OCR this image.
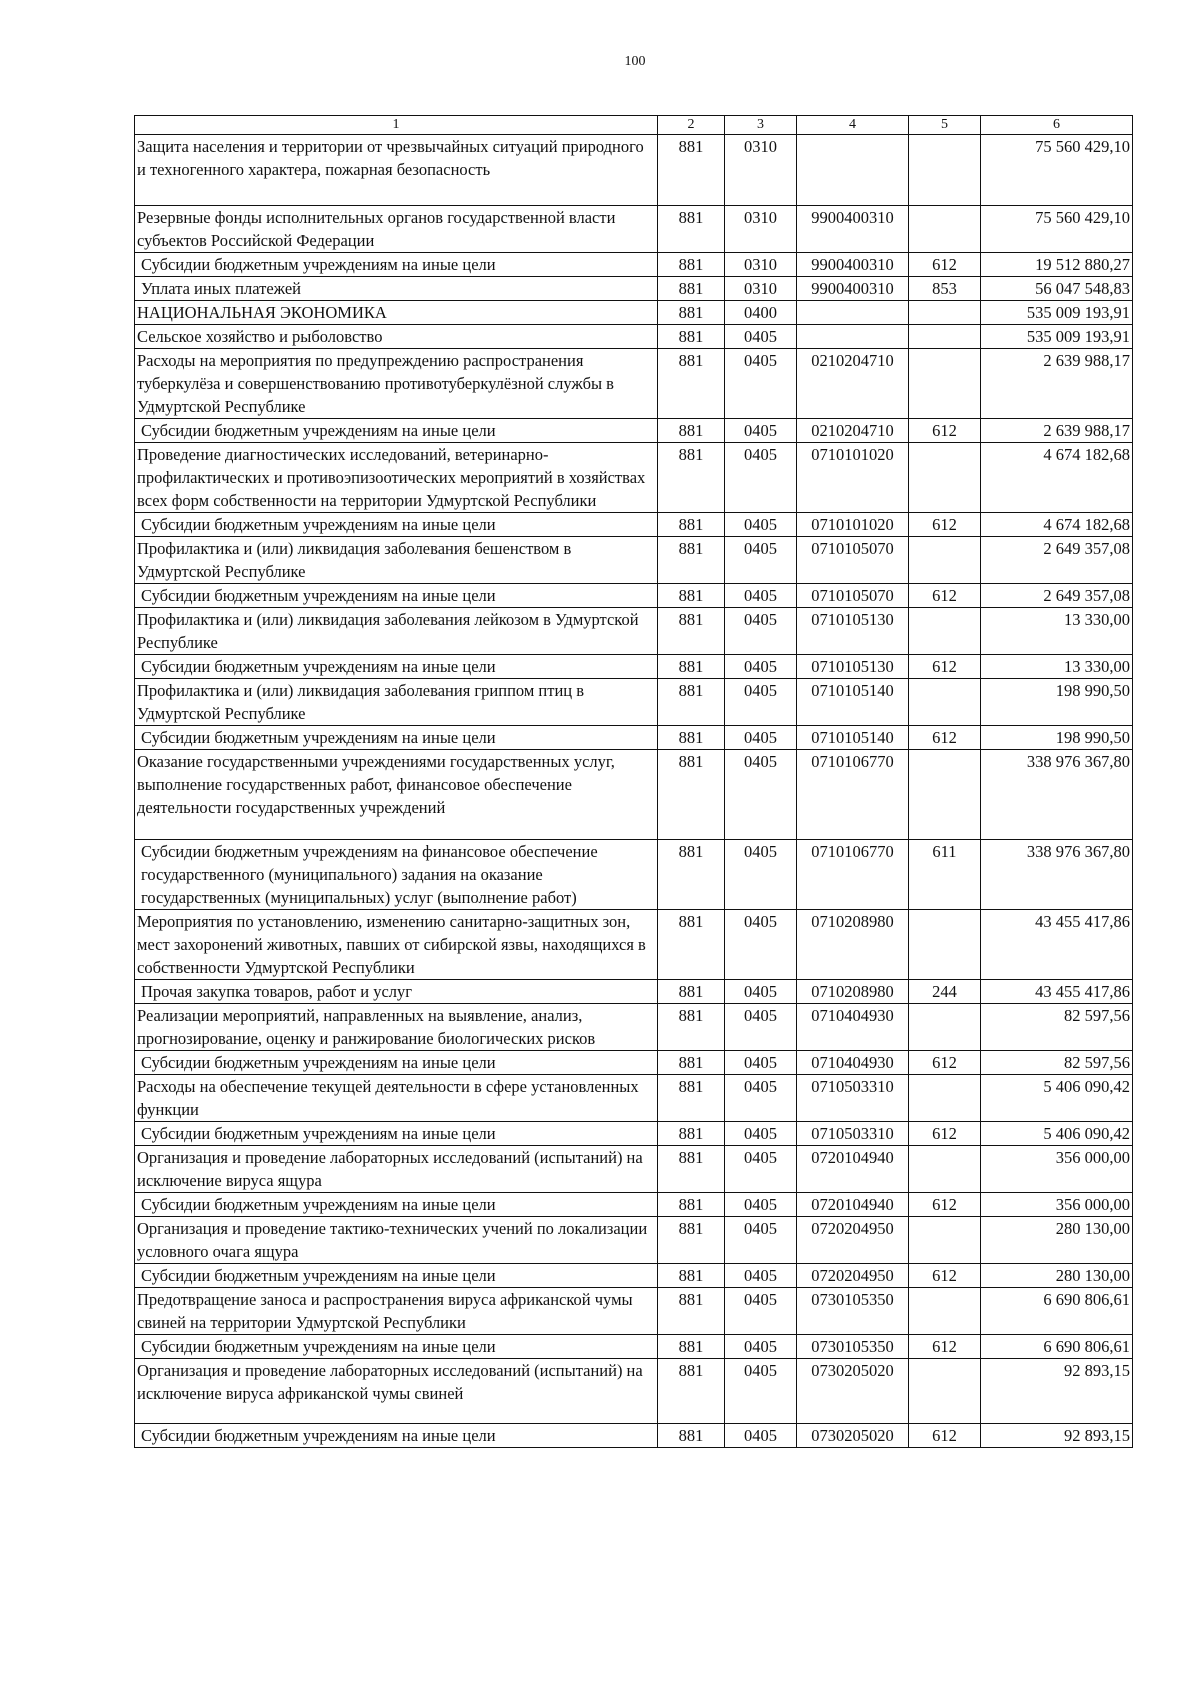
100
1	2	3	4	5	6
Защита населения и территории от чрезвычайных ситуаций природного и техногенного характера, пожарная безопасность	881	0310			75 560 429,10
Резервные фонды исполнительных органов государственной власти субъектов Российской Федерации	881	0310	9900400310		75 560 429,10
Субсидии бюджетным учреждениям на иные цели	881	0310	9900400310	612	19 512 880,27
Уплата иных платежей	881	0310	9900400310	853	56 047 548,83
НАЦИОНАЛЬНАЯ ЭКОНОМИКА	881	0400			535 009 193,91
Сельское хозяйство и рыболовство	881	0405			535 009 193,91
Расходы на мероприятия по предупреждению распространения туберкулёза и совершенствованию противотуберкулёзной службы в Удмуртской Республике	881	0405	0210204710		2 639 988,17
Субсидии бюджетным учреждениям на иные цели	881	0405	0210204710	612	2 639 988,17
Проведение диагностических исследований, ветеринарно-профилактических и противоэпизоотических мероприятий в хозяйствах всех форм собственности на территории Удмуртской Республики	881	0405	0710101020		4 674 182,68
Субсидии бюджетным учреждениям на иные цели	881	0405	0710101020	612	4 674 182,68
Профилактика и (или) ликвидация заболевания бешенством в Удмуртской Республике	881	0405	0710105070		2 649 357,08
Субсидии бюджетным учреждениям на иные цели	881	0405	0710105070	612	2 649 357,08
Профилактика и (или) ликвидация заболевания лейкозом в Удмуртской Республике	881	0405	0710105130		13 330,00
Субсидии бюджетным учреждениям на иные цели	881	0405	0710105130	612	13 330,00
Профилактика и (или) ликвидация заболевания гриппом птиц в Удмуртской Республике	881	0405	0710105140		198 990,50
Субсидии бюджетным учреждениям на иные цели	881	0405	0710105140	612	198 990,50
Оказание государственными учреждениями государственных услуг, выполнение государственных работ, финансовое обеспечение деятельности государственных учреждений	881	0405	0710106770		338 976 367,80
Субсидии бюджетным учреждениям на финансовое обеспечение государственного (муниципального) задания на оказание государственных (муниципальных) услуг (выполнение работ)	881	0405	0710106770	611	338 976 367,80
Мероприятия по установлению, изменению санитарно-защитных зон, мест захоронений животных, павших от сибирской язвы, находящихся в собственности Удмуртской Республики	881	0405	0710208980		43 455 417,86
Прочая закупка товаров, работ и услуг	881	0405	0710208980	244	43 455 417,86
Реализации мероприятий, направленных на выявление, анализ, прогнозирование, оценку и ранжирование биологических рисков	881	0405	0710404930		82 597,56
Субсидии бюджетным учреждениям на иные цели	881	0405	0710404930	612	82 597,56
Расходы на обеспечение текущей деятельности в сфере установленных функции	881	0405	0710503310		5 406 090,42
Субсидии бюджетным учреждениям на иные цели	881	0405	0710503310	612	5 406 090,42
Организация и проведение лабораторных исследований (испытаний) на исключение вируса ящура	881	0405	0720104940		356 000,00
Субсидии бюджетным учреждениям на иные цели	881	0405	0720104940	612	356 000,00
Организация и проведение тактико-технических учений по локализации условного очага ящура	881	0405	0720204950		280 130,00
Субсидии бюджетным учреждениям на иные цели	881	0405	0720204950	612	280 130,00
Предотвращение заноса и распространения вируса африканской чумы свиней на территории Удмуртской Республики	881	0405	0730105350		6 690 806,61
Субсидии бюджетным учреждениям на иные цели	881	0405	0730105350	612	6 690 806,61
Организация и проведение лабораторных исследований (испытаний) на исключение вируса африканской чумы свиней	881	0405	0730205020		92 893,15
Субсидии бюджетным учреждениям на иные цели	881	0405	0730205020	612	92 893,15
